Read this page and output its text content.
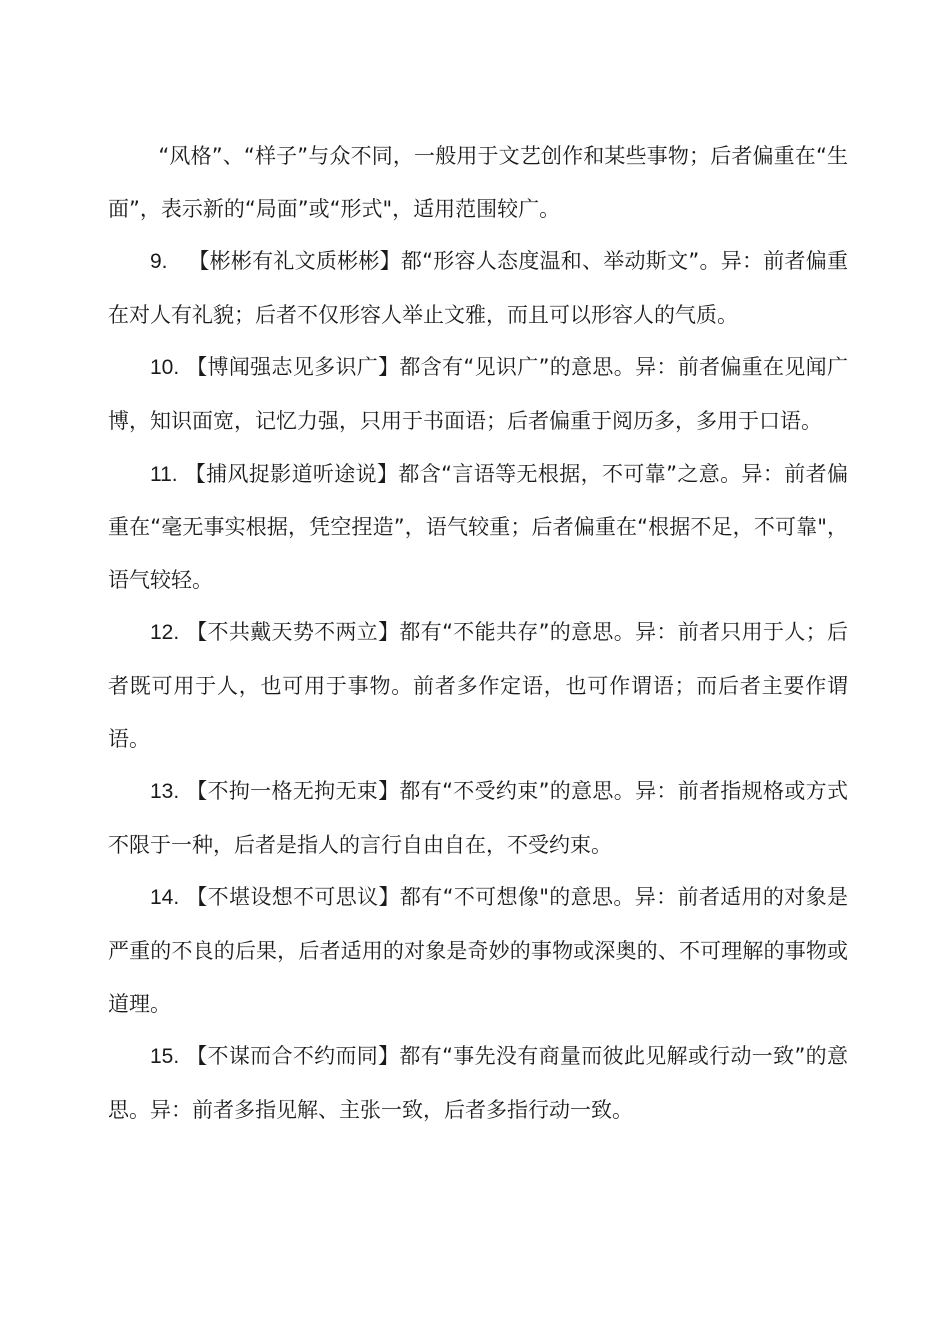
“风格”、“样子”与众不同，一般用于文艺创作和某些事物；后者偏重在“生面”，表示新的“局面”或“形式"，适用范围较广。

9. 【彬彬有礼文质彬彬】都“形容人态度温和、举动斯文”。异：前者偏重在对人有礼貌；后者不仅形容人举止文雅，而且可以形容人的气质。

10. 【博闻强志见多识广】都含有“见识广”的意思。异：前者偏重在见闻广博，知识面宽，记忆力强，只用于书面语；后者偏重于阅历多，多用于口语。

11. 【捕风捉影道听途说】都含“言语等无根据，不可靠”之意。异：前者偏重在“毫无事实根据，凭空捏造”，语气较重；后者偏重在“根据不足，不可靠"，语气较轻。

12. 【不共戴天势不两立】都有“不能共存”的意思。异：前者只用于人；后者既可用于人，也可用于事物。前者多作定语，也可作谓语；而后者主要作谓语。

13. 【不拘一格无拘无束】都有“不受约束”的意思。异：前者指规格或方式不限于一种，后者是指人的言行自由自在，不受约束。

14. 【不堪设想不可思议】都有“不可想像"的意思。异：前者适用的对象是严重的不良的后果，后者适用的对象是奇妙的事物或深奥的、不可理解的事物或道理。

15. 【不谋而合不约而同】都有“事先没有商量而彼此见解或行动一致”的意思。异：前者多指见解、主张一致，后者多指行动一致。
